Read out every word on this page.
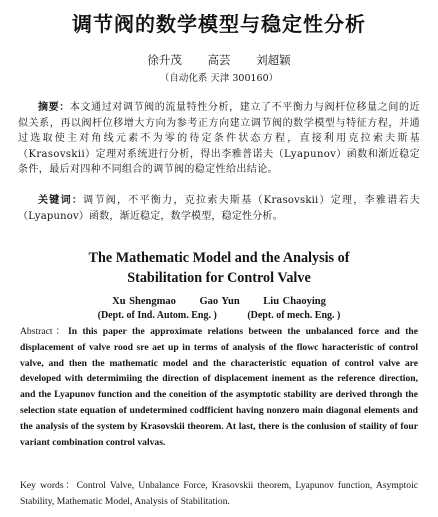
调节阀的数学模型与稳定性分析
徐升茂 高芸 刘超颖
（自动化系 天津 300160）

摘要：本文通过对调节阀的流量特性分析，建立了不平衡力与阀杆位移量之间的近似关系，再以阀杆位移增大方向为参考正方向建立调节阀的数学模型与特征方程，并通过选取使主对角线元素不为零的待定条件状态方程，直接利用克拉索夫斯基（Krasovskii）定理对系统进行分析，得出李雅普诺夫（Lyapunov）函数和渐近稳定条件，最后对四种不同组合的调节阀的稳定性给出结论。

关键词：调节阀，不平衡力，克拉索夫斯基（Krasovskii）定理，李雅谱若夫（Lyapunov）函数，渐近稳定，数学模型，稳定性分析。

The Mathematic Model and the Analysis of
Stabilitation for Control Valve
Xu Shengmao Gao Yun Liu Chaoying
(Dept. of Ind. Autom. Eng. )	(Dept. of mech. Eng. )

Abstract：In this paper the approximate relations between the unbalanced force and the displacement of valve rood sre aet up in terms of analysis of the flowc haracteristic of control valve, and then the mathematic model and the characteristic equation of control valve are developed with determimiing the direction of displacement inement as the reference direction, and the Lyapunov function and the coneition of the asymptotic stability are derived throngh the selection state equation of undetermined codfficient having nonzero main diagonal elements and the analysis of the system by Krasovskii theorem. At last, there is the conlusion of staility of four variant combination control valvas.

Key words：Control Valve, Unbalance Force, Krasovskii theorem, Lyapunov function, Asymptoic Stability, Mathematic Model, Analysis of Stabilitation.
